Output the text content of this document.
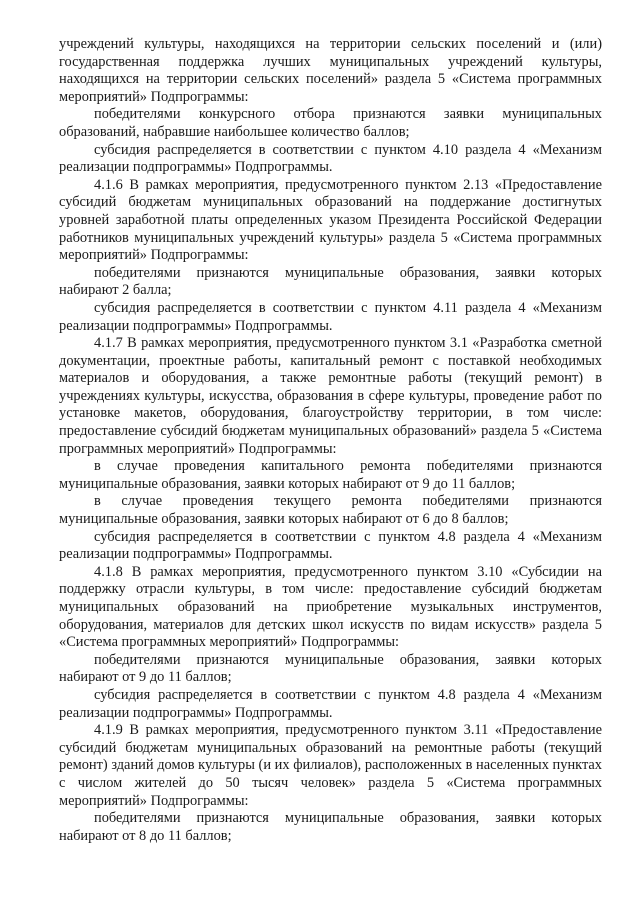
учреждений культуры, находящихся на территории сельских поселений и (или) государственная поддержка лучших муниципальных учреждений культуры, находящихся на территории сельских поселений» раздела 5 «Система программных мероприятий» Подпрограммы:

победителями конкурсного отбора признаются заявки муниципальных образований, набравшие наибольшее количество баллов;

субсидия распределяется в соответствии с пунктом 4.10 раздела 4 «Механизм реализации подпрограммы» Подпрограммы.

4.1.6 В рамках мероприятия, предусмотренного пунктом 2.13 «Предоставление субсидий бюджетам муниципальных образований на поддержание достигнутых уровней заработной платы определенных указом Президента Российской Федерации работников муниципальных учреждений культуры» раздела 5 «Система программных мероприятий» Подпрограммы:

победителями признаются муниципальные образования, заявки которых набирают 2 балла;

субсидия распределяется в соответствии с пунктом 4.11 раздела 4 «Механизм реализации подпрограммы» Подпрограммы.

4.1.7 В рамках мероприятия, предусмотренного пунктом 3.1 «Разработка сметной документации, проектные работы, капитальный ремонт с поставкой необходимых материалов и оборудования, а также ремонтные работы (текущий ремонт) в учреждениях культуры, искусства, образования в сфере культуры, проведение работ по установке макетов, оборудования, благоустройству территории, в том числе: предоставление субсидий бюджетам муниципальных образований» раздела 5 «Система программных мероприятий» Подпрограммы:

в случае проведения капитального ремонта победителями признаются муниципальные образования, заявки которых набирают от 9 до 11 баллов;

в случае проведения текущего ремонта победителями признаются муниципальные образования, заявки которых набирают от 6 до 8 баллов;

субсидия распределяется в соответствии с пунктом 4.8 раздела 4 «Механизм реализации подпрограммы» Подпрограммы.

4.1.8 В рамках мероприятия, предусмотренного пунктом 3.10 «Субсидии на поддержку отрасли культуры, в том числе: предоставление субсидий бюджетам муниципальных образований на приобретение музыкальных инструментов, оборудования, материалов для детских школ искусств по видам искусств» раздела 5 «Система программных мероприятий» Подпрограммы:

победителями признаются муниципальные образования, заявки которых набирают от 9 до 11 баллов;

субсидия распределяется в соответствии с пунктом 4.8 раздела 4 «Механизм реализации подпрограммы» Подпрограммы.

4.1.9 В рамках мероприятия, предусмотренного пунктом 3.11 «Предоставление субсидий бюджетам муниципальных образований на ремонтные работы (текущий ремонт) зданий домов культуры (и их филиалов), расположенных в населенных пунктах с числом жителей до 50 тысяч человек» раздела 5 «Система программных мероприятий» Подпрограммы:

победителями признаются муниципальные образования, заявки которых набирают от 8 до 11 баллов;
